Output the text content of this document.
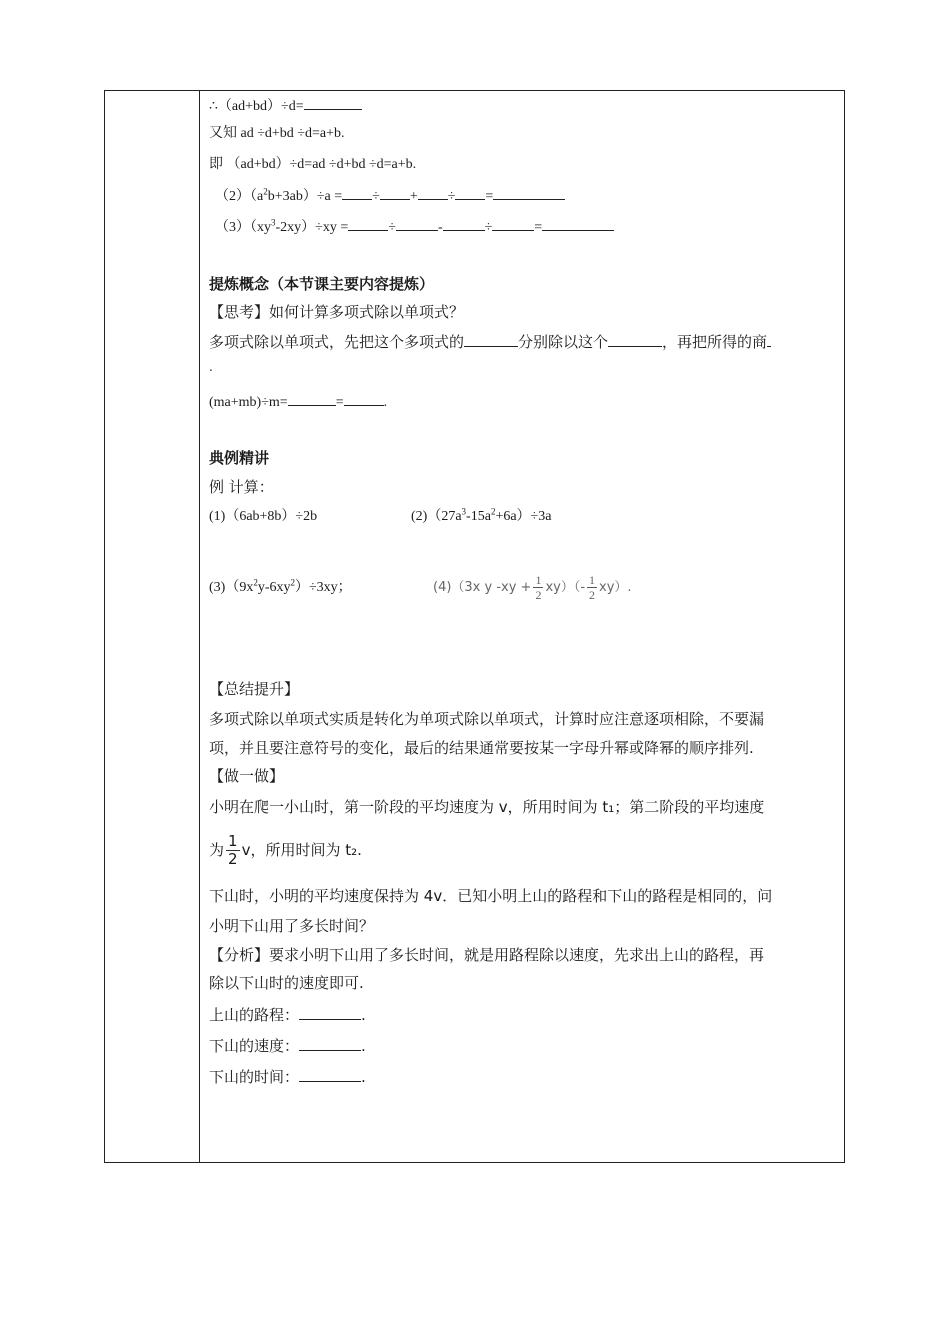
∴（ad+bd）÷d=
又知 ad ÷d+bd ÷d=a+b.
即 （ad+bd）÷d=ad ÷d+bd ÷d=a+b.
$(2)(a^2b+3ab)\div a$ = ÷ + ÷ =
$(3)(xy^3-2xy)\div xy$ =	÷	-	÷	=
提炼概念（本节课主要内容提炼）
【思考】如何计算多项式除以单项式？
多项式除以单项式，先把这个多项式的	分别除以这个	，再把所得的商
.
(ma+mb)÷m=	=	.
典例精讲
例 计算：
(1)（6ab+8b）÷2b	$(2)(27a^3-15a^2+6a)\div 3a$
$(3)(9x^2y-6xy^2)\div 3xy$；	(4)（3x y $-xy + \frac{1}{2} xy)(- \frac{1}{2} xy)$.
【总结提升】
多项式除以单项式实质是转化为单项式除以单项式，计算时应注意逐项相除，不要漏
项，并且要注意符号的变化，最后的结果通常要按某一字母升幂或降幂的顺序排列.
【做一做】
小明在爬一小山时，第一阶段的平均速度为 v，所用时间为 t₁；第二阶段的平均速度
为 $\frac{1}{2}$ v，所用时间为 t₂.
下山时，小明的平均速度保持为 4v．已知小明上山的路程和下山的路程是相同的，问
小明下山用了多长时间？
【分析】要求小明下山用了多长时间，就是用路程除以速度，先求出上山的路程，再
除以下山时的速度即可.
上山的路程：	.
下山的速度：	.
下山的时间：	.
